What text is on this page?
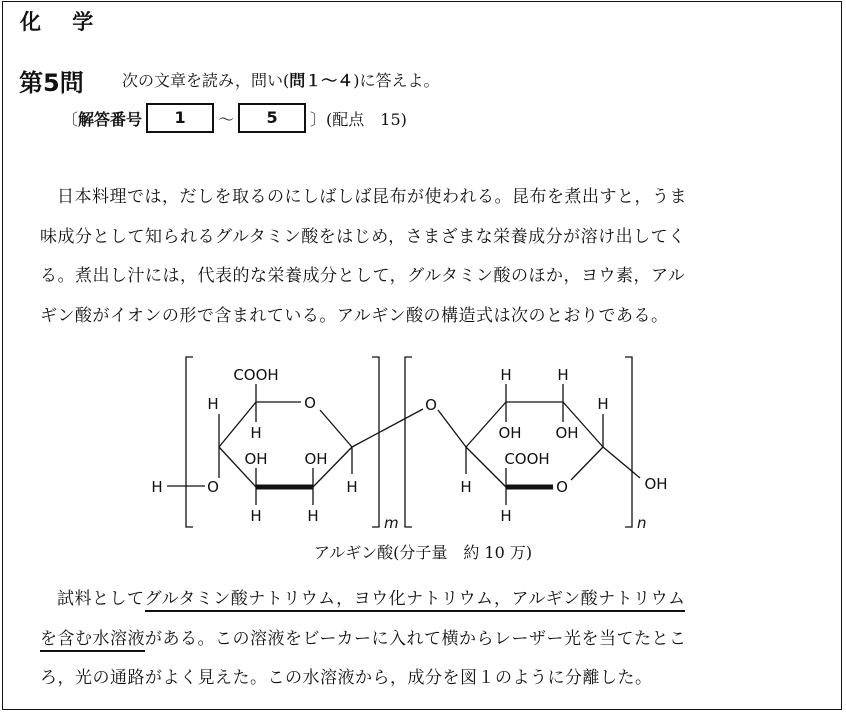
化 学
第5問 次の文章を読み，問い(問１～４)に答えよ。
〔 解答番号	1	～	5	〕(配点　15)
日本料理では，だしを取るのにしばしば昆布が使われる。昆布を煮出すと，うま
味成分として知られるグルタミン酸をはじめ，さまざまな栄養成分が溶け出してく
る。煮出し汁には，代表的な栄養成分として，グルタミン酸のほか，ヨウ素，アル
ギン酸がイオンの形で含まれている。アルギン酸の構造式は次のとおりである。
COOH
O
H
H
OH OH
O
H	H
H	H	m
O
H	H
H
OH OH
COOH
H	O	OH
H	n
アルギン酸(分子量　約 10 万)
試料としてグルタミン酸ナトリウム，ヨウ化ナトリウム，アルギン酸ナトリウム
を含む水溶液がある。この溶液をビーカーに入れて横からレーザー光を当てたとこ
ろ，光の通路がよく見えた。この水溶液から，成分を図１のように分離した。
